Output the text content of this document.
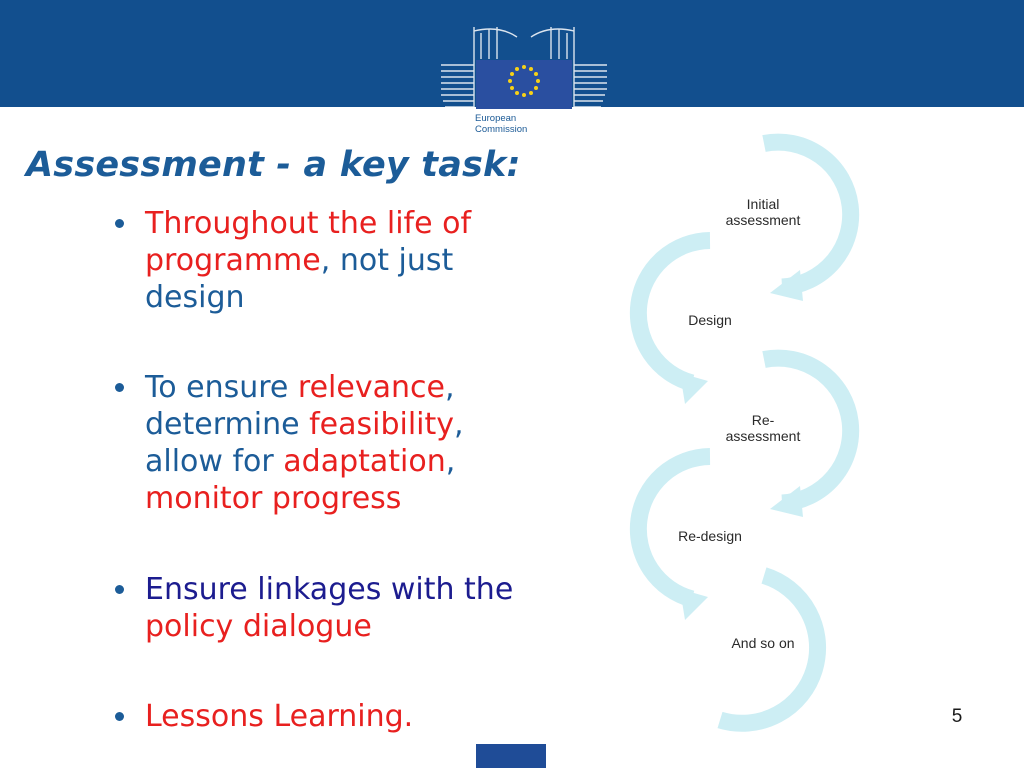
European
Commission
Assessment - a key task:
Throughout the life of programme, not just design
To ensure relevance, determine feasibility, allow for adaptation, monitor progress
Ensure linkages with the policy dialogue
Lessons Learning.
Initial
assessment
Design
Re-
assessment
Re-design
And so on
5
